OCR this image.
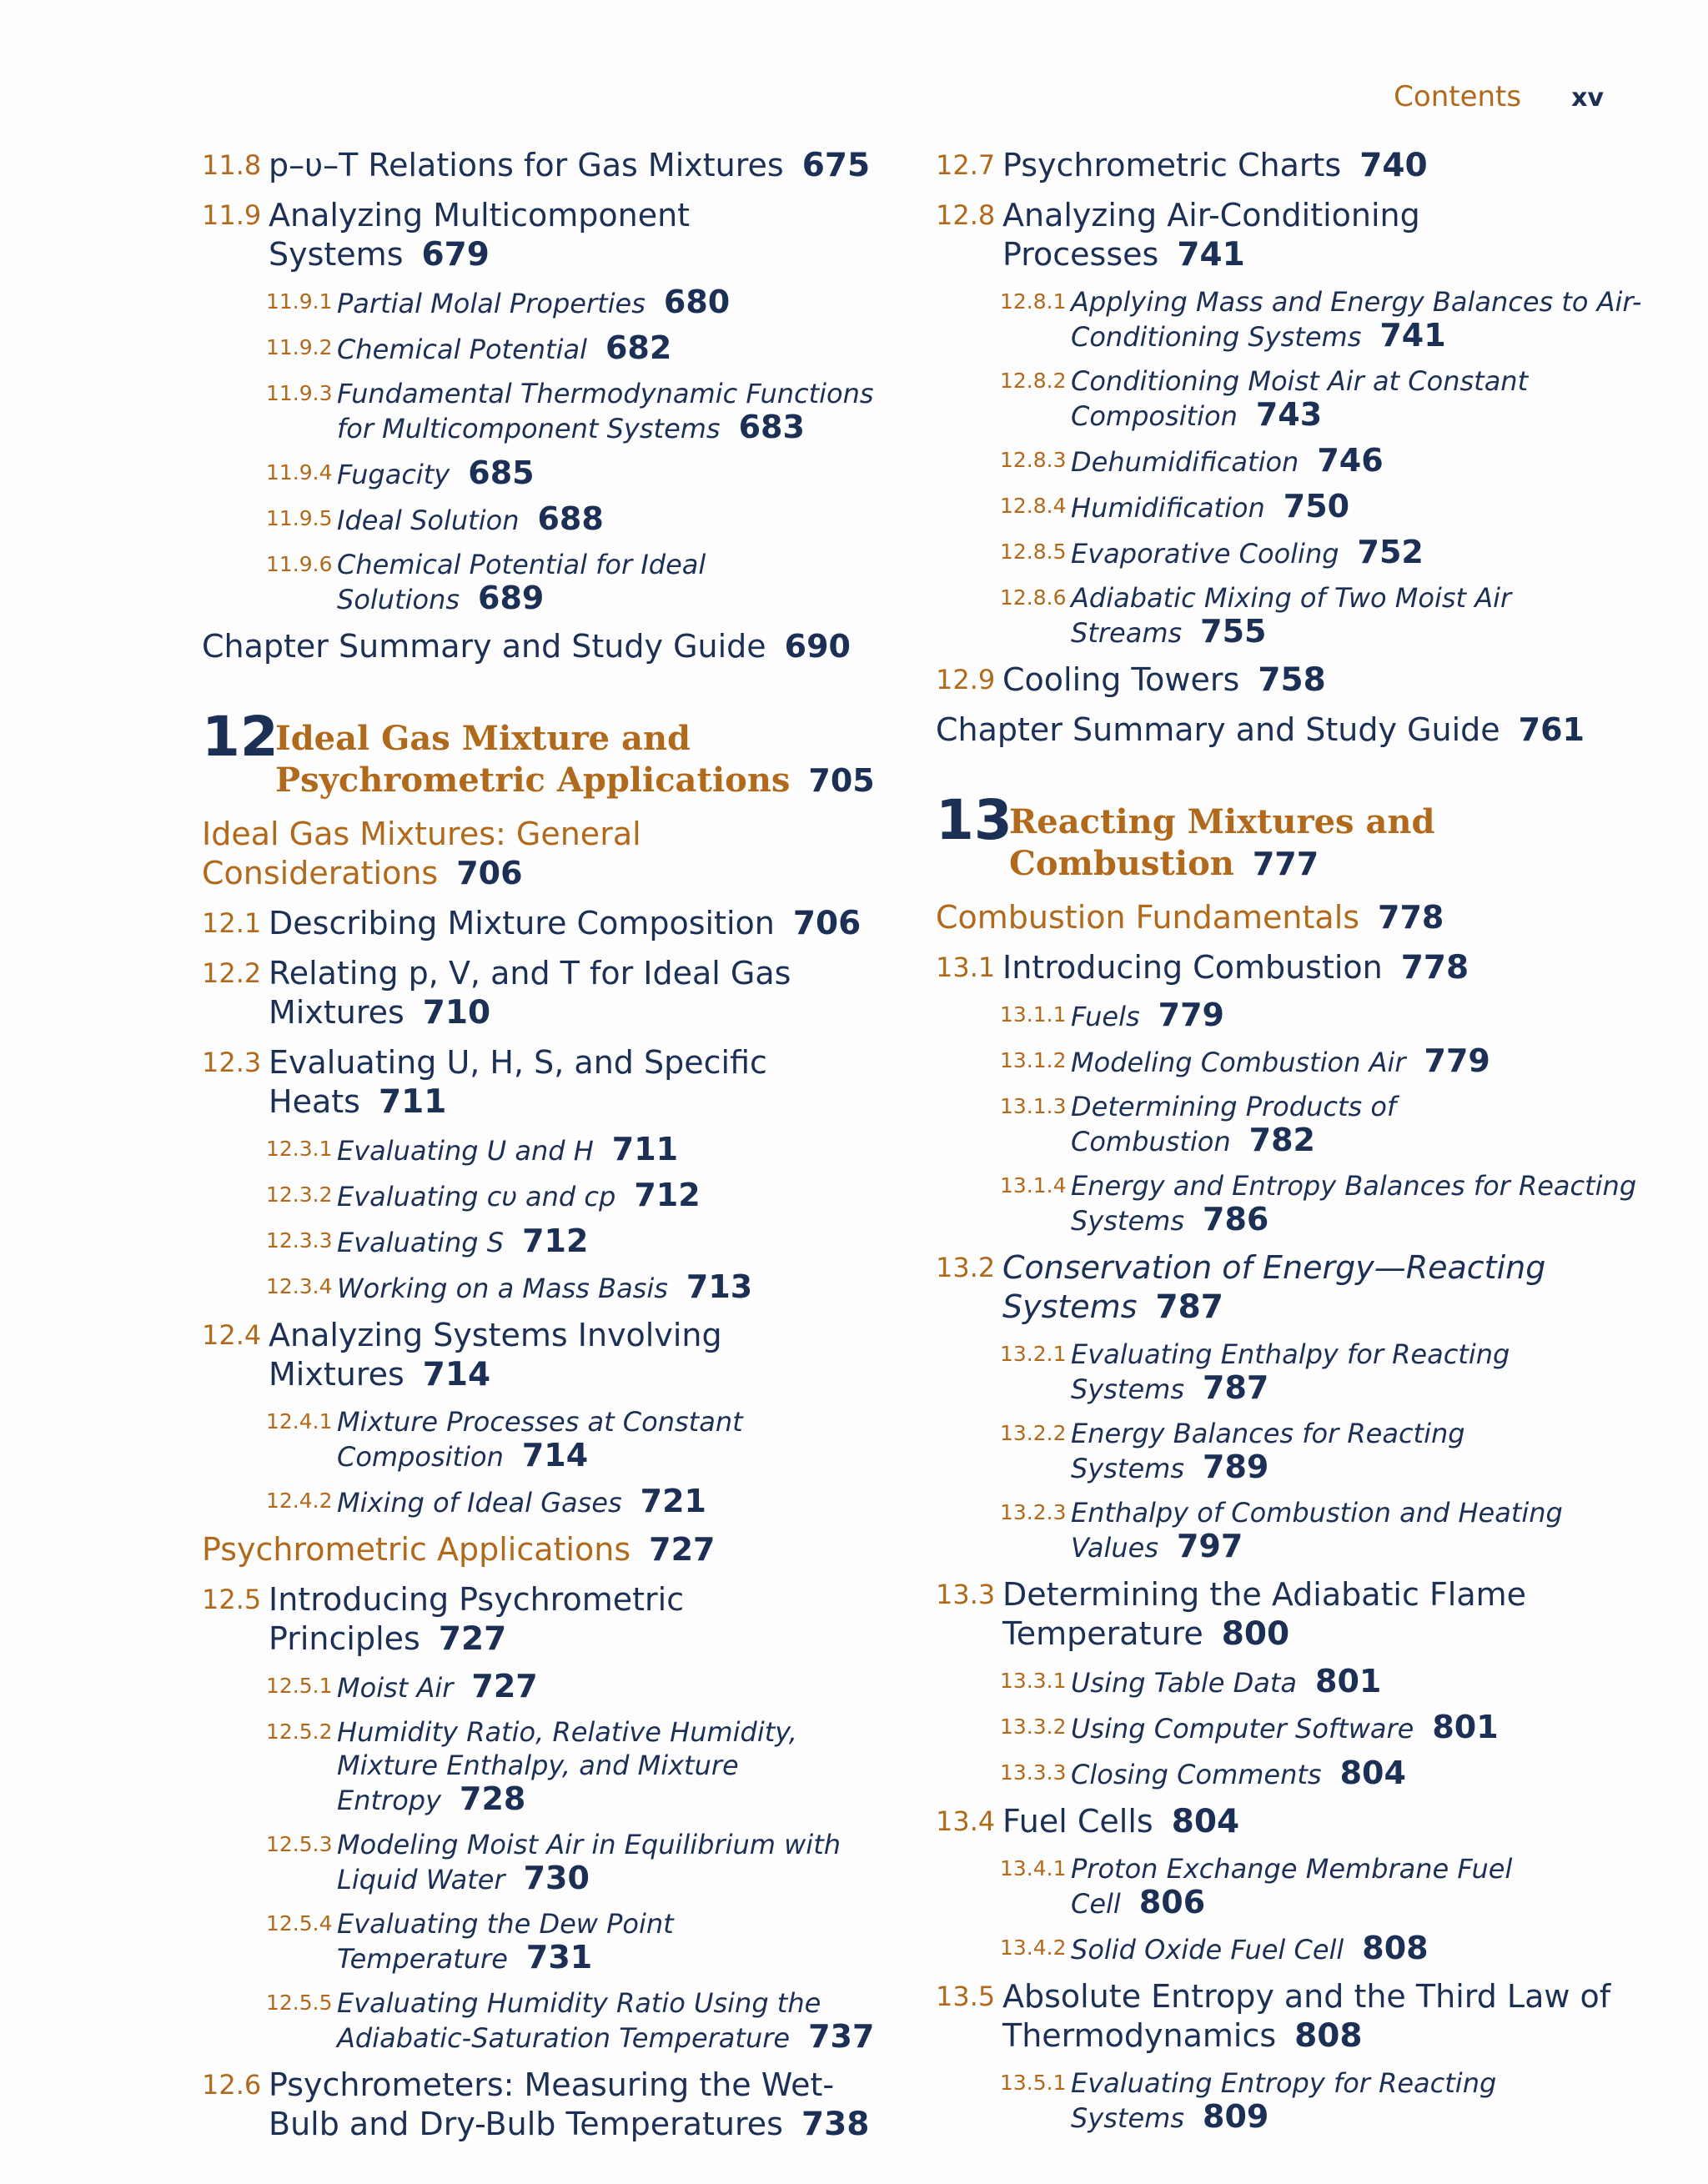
Contents xv
11.8 p–υ–T Relations for Gas Mixtures 675
11.9 Analyzing Multicomponent Systems 679
11.9.1 Partial Molal Properties 680
11.9.2 Chemical Potential 682
11.9.3 Fundamental Thermodynamic Functions for Multicomponent Systems 683
11.9.4 Fugacity 685
11.9.5 Ideal Solution 688
11.9.6 Chemical Potential for Ideal Solutions 689
Chapter Summary and Study Guide 690
12
Ideal Gas Mixture and Psychrometric Applications 705
Ideal Gas Mixtures: General Considerations 706
12.1 Describing Mixture Composition 706
12.2 Relating p, V, and T for Ideal Gas Mixtures 710
12.3 Evaluating U, H, S, and Specific Heats 711
12.3.1 Evaluating U and H 711
12.3.2 Evaluating cυ and cp 712
12.3.3 Evaluating S 712
12.3.4 Working on a Mass Basis 713
12.4 Analyzing Systems Involving Mixtures 714
12.4.1 Mixture Processes at Constant Composition 714
12.4.2 Mixing of Ideal Gases 721
Psychrometric Applications 727
12.5 Introducing Psychrometric Principles 727
12.5.1 Moist Air 727
12.5.2 Humidity Ratio, Relative Humidity, Mixture Enthalpy, and Mixture Entropy 728
12.5.3 Modeling Moist Air in Equilibrium with Liquid Water 730
12.5.4 Evaluating the Dew Point Temperature 731
12.5.5 Evaluating Humidity Ratio Using the Adiabatic-Saturation Temperature 737
12.6 Psychrometers: Measuring the Wet-Bulb and Dry-Bulb Temperatures 738
12.7 Psychrometric Charts 740
12.8 Analyzing Air-Conditioning Processes 741
12.8.1 Applying Mass and Energy Balances to Air-Conditioning Systems 741
12.8.2 Conditioning Moist Air at Constant Composition 743
12.8.3 Dehumidification 746
12.8.4 Humidification 750
12.8.5 Evaporative Cooling 752
12.8.6 Adiabatic Mixing of Two Moist Air Streams 755
12.9 Cooling Towers 758
Chapter Summary and Study Guide 761
13
Reacting Mixtures and Combustion 777
Combustion Fundamentals 778
13.1 Introducing Combustion 778
13.1.1 Fuels 779
13.1.2 Modeling Combustion Air 779
13.1.3 Determining Products of Combustion 782
13.1.4 Energy and Entropy Balances for Reacting Systems 786
13.2 Conservation of Energy—Reacting Systems 787
13.2.1 Evaluating Enthalpy for Reacting Systems 787
13.2.2 Energy Balances for Reacting Systems 789
13.2.3 Enthalpy of Combustion and Heating Values 797
13.3 Determining the Adiabatic Flame Temperature 800
13.3.1 Using Table Data 801
13.3.2 Using Computer Software 801
13.3.3 Closing Comments 804
13.4 Fuel Cells 804
13.4.1 Proton Exchange Membrane Fuel Cell 806
13.4.2 Solid Oxide Fuel Cell 808
13.5 Absolute Entropy and the Third Law of Thermodynamics 808
13.5.1 Evaluating Entropy for Reacting Systems 809
